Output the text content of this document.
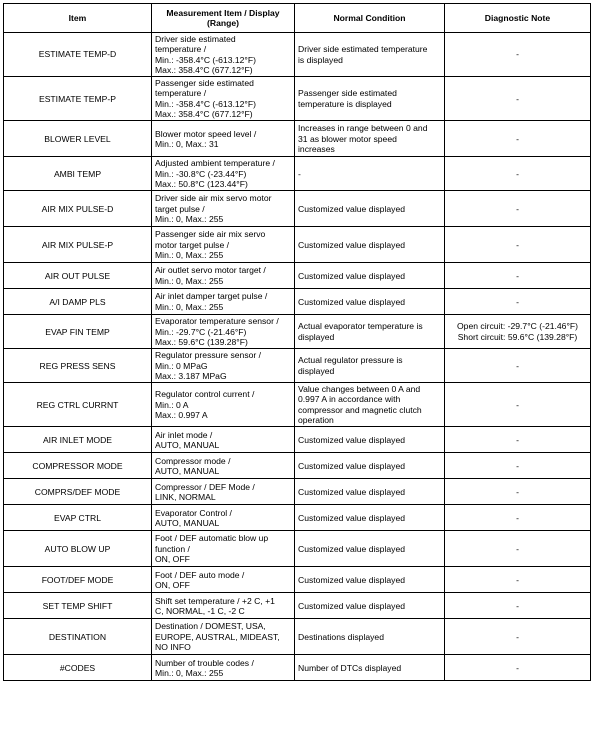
Item	Measurement Item / Display (Range)	Normal Condition	Diagnostic Note
ESTIMATE TEMP-D	Driver side estimated
temperature /
Min.: -358.4°C (-613.12°F)
Max.: 358.4°C (677.12°F)	Driver side estimated temperature
is displayed	-

ESTIMATE TEMP-P	Passenger side estimated
temperature /
Min.: -358.4°C (-613.12°F)
Max.: 358.4°C (677.12°F)	Passenger side estimated
temperature is displayed	-

BLOWER LEVEL	Blower motor speed level /
Min.: 0, Max.: 31	Increases in range between 0 and
31 as blower motor speed
increases	-

AMBI TEMP	Adjusted ambient temperature /
Min.: -30.8°C (-23.44°F)
Max.: 50.8°C (123.44°F)	-	-

AIR MIX PULSE-D	Driver side air mix servo motor
target pulse /
Min.: 0, Max.: 255	Customized value displayed	-

AIR MIX PULSE-P	Passenger side air mix servo
motor target pulse /
Min.: 0, Max.: 255	Customized value displayed	-

AIR OUT PULSE	Air outlet servo motor target /
Min.: 0, Max.: 255	Customized value displayed	-

A/I DAMP PLS	Air inlet damper target pulse /
Min.: 0, Max.: 255	Customized value displayed	-

EVAP FIN TEMP	Evaporator temperature sensor /
Min.: -29.7°C (-21.46°F)
Max.: 59.6°C (139.28°F)	Actual evaporator temperature is
displayed	Open circuit: -29.7°C (-21.46°F)
Short circuit: 59.6°C (139.28°F)

REG PRESS SENS	Regulator pressure sensor /
Min.: 0 MPaG
Max.: 3.187 MPaG	Actual regulator pressure is
displayed	-

REG CTRL CURRNT	Regulator control current /
Min.: 0 A
Max.: 0.997 A	Value changes between 0 A and
0.997 A in accordance with
compressor and magnetic clutch
operation	-

AIR INLET MODE	Air inlet mode /
AUTO, MANUAL	Customized value displayed	-

COMPRESSOR MODE	Compressor mode /
AUTO, MANUAL	Customized value displayed	-

COMPRS/DEF MODE	Compressor / DEF Mode /
LINK, NORMAL	Customized value displayed	-

EVAP CTRL	Evaporator Control /
AUTO, MANUAL	Customized value displayed	-

AUTO BLOW UP	Foot / DEF automatic blow up
function /
ON, OFF	Customized value displayed	-

FOOT/DEF MODE	Foot / DEF auto mode /
ON, OFF	Customized value displayed	-

SET TEMP SHIFT	Shift set temperature / +2 C, +1
C, NORMAL, -1 C, -2 C	Customized value displayed	-

DESTINATION	Destination / DOMEST, USA,
EUROPE, AUSTRAL, MIDEAST,
NO INFO	Destinations displayed	-

#CODES	Number of trouble codes /
Min.: 0, Max.: 255	Number of DTCs displayed	-
